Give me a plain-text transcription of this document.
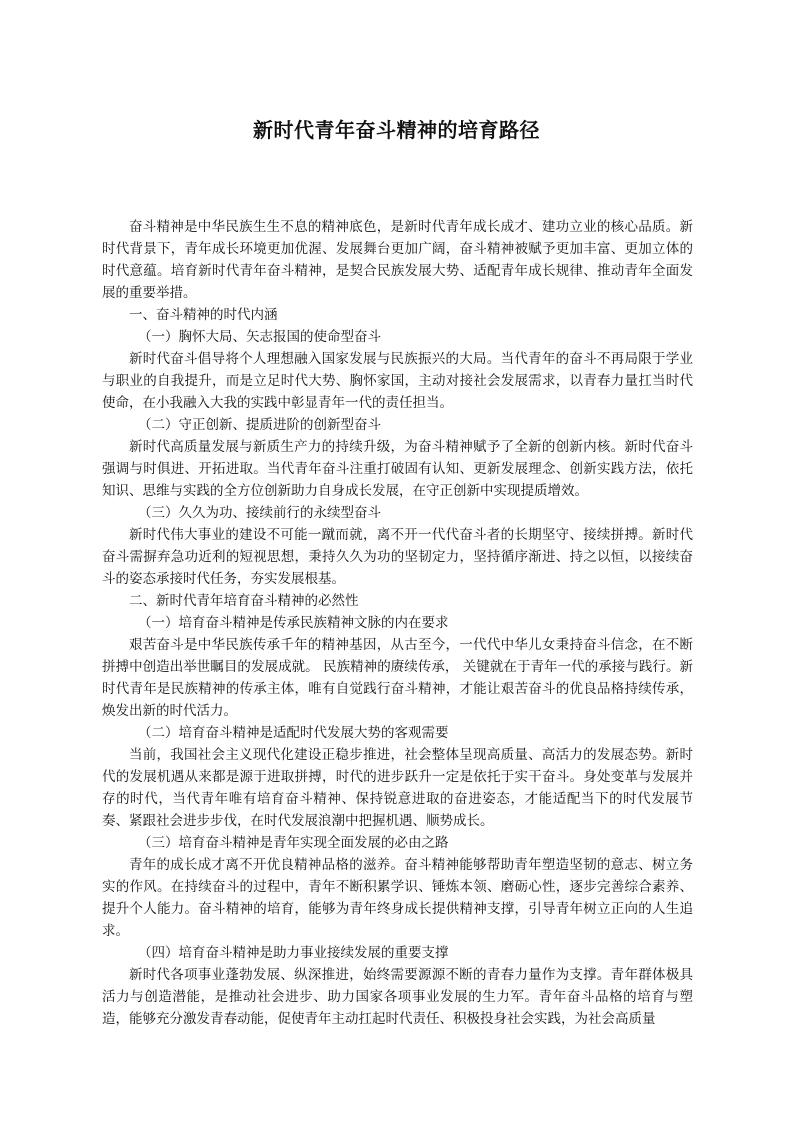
新时代青年奋斗精神的培育路径

奋斗精神是中华民族生生不息的精神底色，是新时代青年成长成才、建功立业的核心品质。新时代背景下，青年成长环境更加优渥、发展舞台更加广阔，奋斗精神被赋予更加丰富、更加立体的时代意蕴。培育新时代青年奋斗精神，是契合民族发展大势、适配青年成长规律、推动青年全面发展的重要举措。

一、奋斗精神的时代内涵

（一）胸怀大局、矢志报国的使命型奋斗

新时代奋斗倡导将个人理想融入国家发展与民族振兴的大局。当代青年的奋斗不再局限于学业与职业的自我提升，而是立足时代大势、胸怀家国，主动对接社会发展需求，以青春力量扛当时代使命，在小我融入大我的实践中彰显青年一代的责任担当。

（二）守正创新、提质进阶的创新型奋斗

新时代高质量发展与新质生产力的持续升级，为奋斗精神赋予了全新的创新内核。新时代奋斗强调与时俱进、开拓进取。当代青年奋斗注重打破固有认知、更新发展理念、创新实践方法，依托知识、思维与实践的全方位创新助力自身成长发展，在守正创新中实现提质增效。

（三）久久为功、接续前行的永续型奋斗

新时代伟大事业的建设不可能一蹴而就，离不开一代代奋斗者的长期坚守、接续拼搏。新时代奋斗需摒弃急功近利的短视思想，秉持久久为功的坚韧定力，坚持循序渐进、持之以恒，以接续奋斗的姿态承接时代任务，夯实发展根基。

二、新时代青年培育奋斗精神的必然性

（一）培育奋斗精神是传承民族精神文脉的内在要求

艰苦奋斗是中华民族传承千年的精神基因，从古至今，一代代中华儿女秉持奋斗信念，在不断拼搏中创造出举世瞩目的发展成就。 民族精神的赓续传承， 关键就在于青年一代的承接与践行。新时代青年是民族精神的传承主体，唯有自觉践行奋斗精神，才能让艰苦奋斗的优良品格持续传承，焕发出新的时代活力。

（二）培育奋斗精神是适配时代发展大势的客观需要

当前，我国社会主义现代化建设正稳步推进，社会整体呈现高质量、高活力的发展态势。新时代的发展机遇从来都是源于进取拼搏，时代的进步跃升一定是依托于实干奋斗。身处变革与发展并存的时代，当代青年唯有培育奋斗精神、保持锐意进取的奋进姿态，才能适配当下的时代发展节奏、紧跟社会进步步伐，在时代发展浪潮中把握机遇、顺势成长。

（三）培育奋斗精神是青年实现全面发展的必由之路

青年的成长成才离不开优良精神品格的滋养。奋斗精神能够帮助青年塑造坚韧的意志、树立务实的作风。在持续奋斗的过程中，青年不断积累学识、锤炼本领、磨砺心性，逐步完善综合素养、提升个人能力。奋斗精神的培育，能够为青年终身成长提供精神支撑，引导青年树立正向的人生追求。

（四）培育奋斗精神是助力事业接续发展的重要支撑

新时代各项事业蓬勃发展、纵深推进，始终需要源源不断的青春力量作为支撑。青年群体极具活力与创造潜能，是推动社会进步、助力国家各项事业发展的生力军。青年奋斗品格的培育与塑造，能够充分激发青春动能，促使青年主动扛起时代责任、积极投身社会实践，为社会高质量
